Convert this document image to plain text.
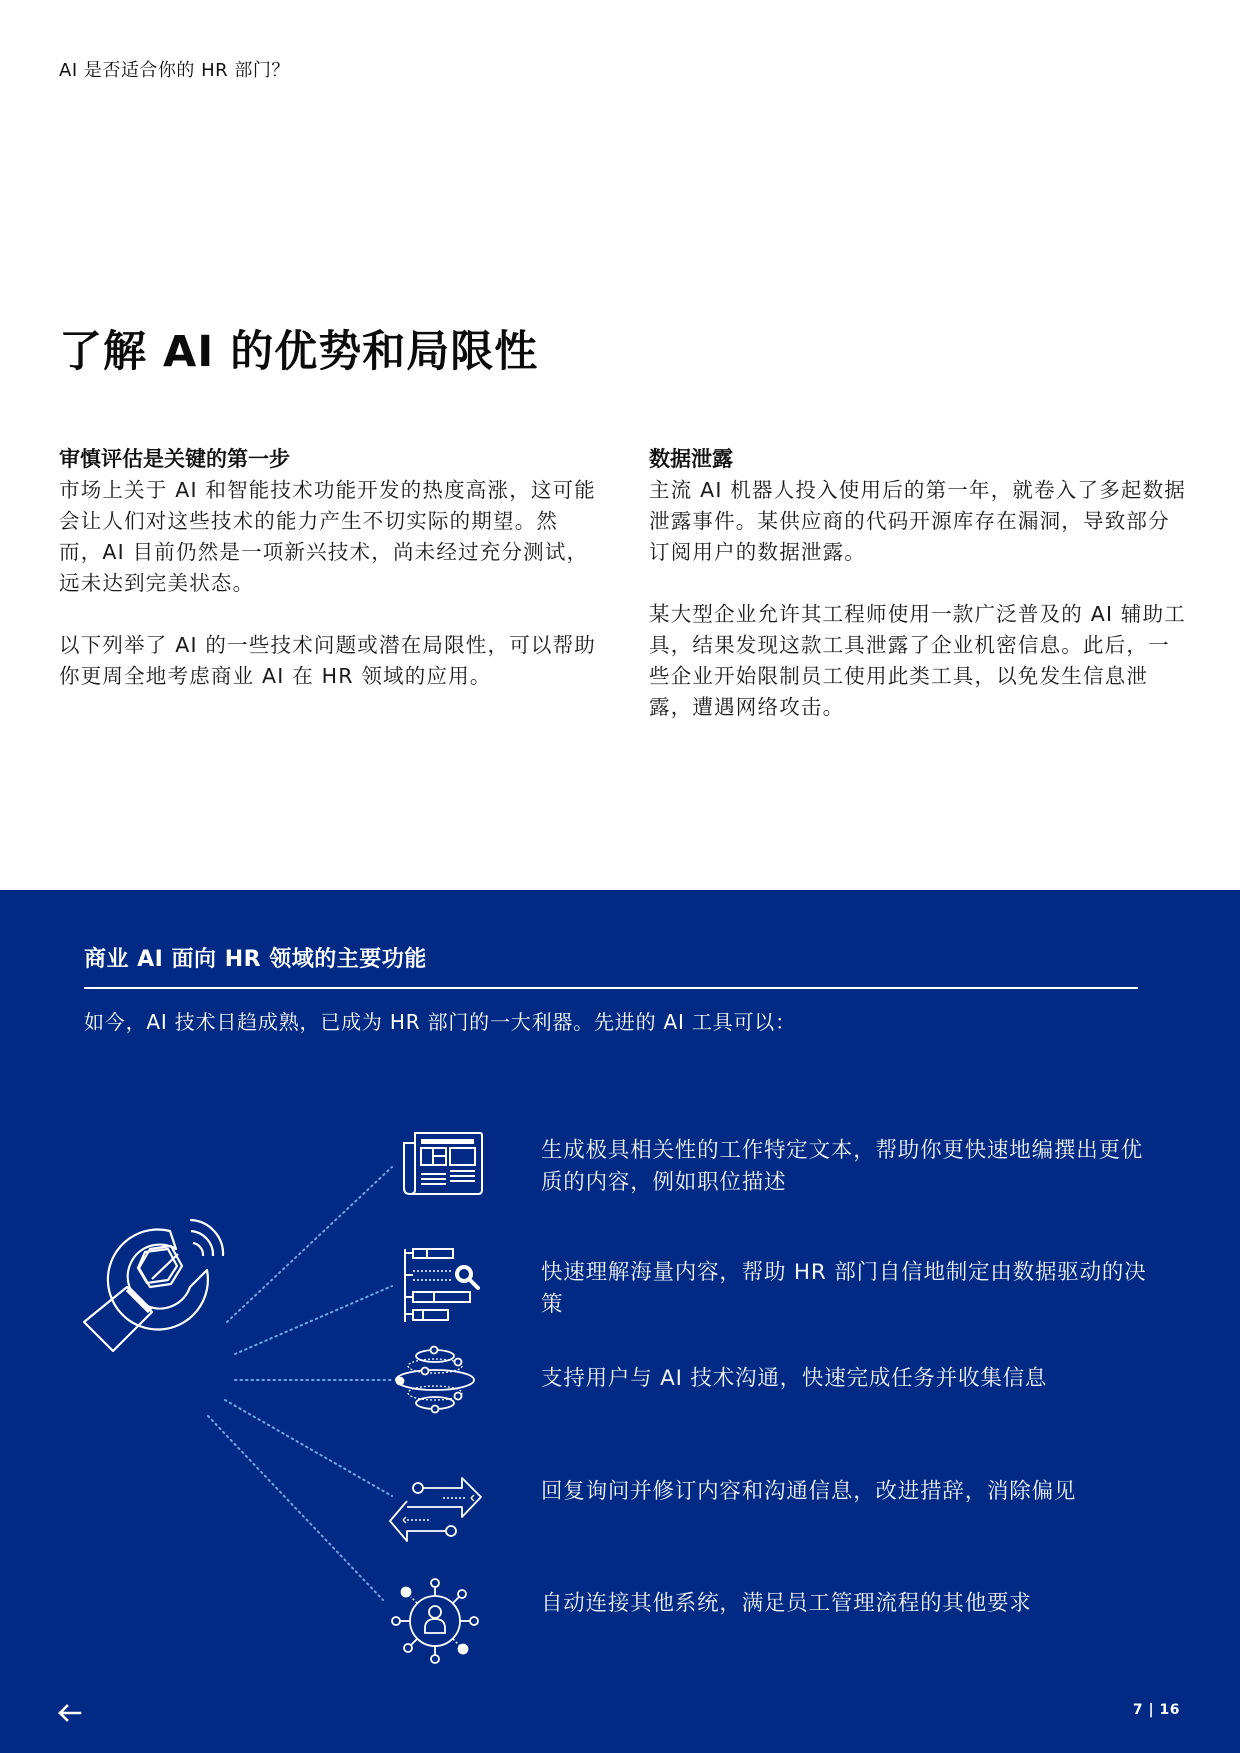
AI 是否适合你的 HR 部门？
了解 AI 的优势和局限性
审慎评估是关键的第一步

市场上关于 AI 和智能技术功能开发的热度高涨，这可能会让人们对这些技术的能力产生不切实际的期望。然而，AI 目前仍然是一项新兴技术，尚未经过充分测试，远未达到完美状态。

以下列举了 AI 的一些技术问题或潜在局限性，可以帮助你更周全地考虑商业 AI 在 HR 领域的应用。

数据泄露

主流 AI 机器人投入使用后的第一年，就卷入了多起数据泄露事件。某供应商的代码开源库存在漏洞，导致部分订阅用户的数据泄露。

某大型企业允许其工程师使用一款广泛普及的 AI 辅助工具，结果发现这款工具泄露了企业机密信息。此后，一些企业开始限制员工使用此类工具，以免发生信息泄露，遭遇网络攻击。

商业 AI 面向 HR 领域的主要功能
如今，AI 技术日趋成熟，已成为 HR 部门的一大利器。先进的 AI 工具可以：
生成极具相关性的工作特定文本，帮助你更快速地编撰出更优质的内容，例如职位描述
快速理解海量内容，帮助 HR 部门自信地制定由数据驱动的决策
支持用户与 AI 技术沟通，快速完成任务并收集信息
回复询问并修订内容和沟通信息，改进措辞，消除偏见
自动连接其他系统，满足员工管理流程的其他要求
7 | 16
